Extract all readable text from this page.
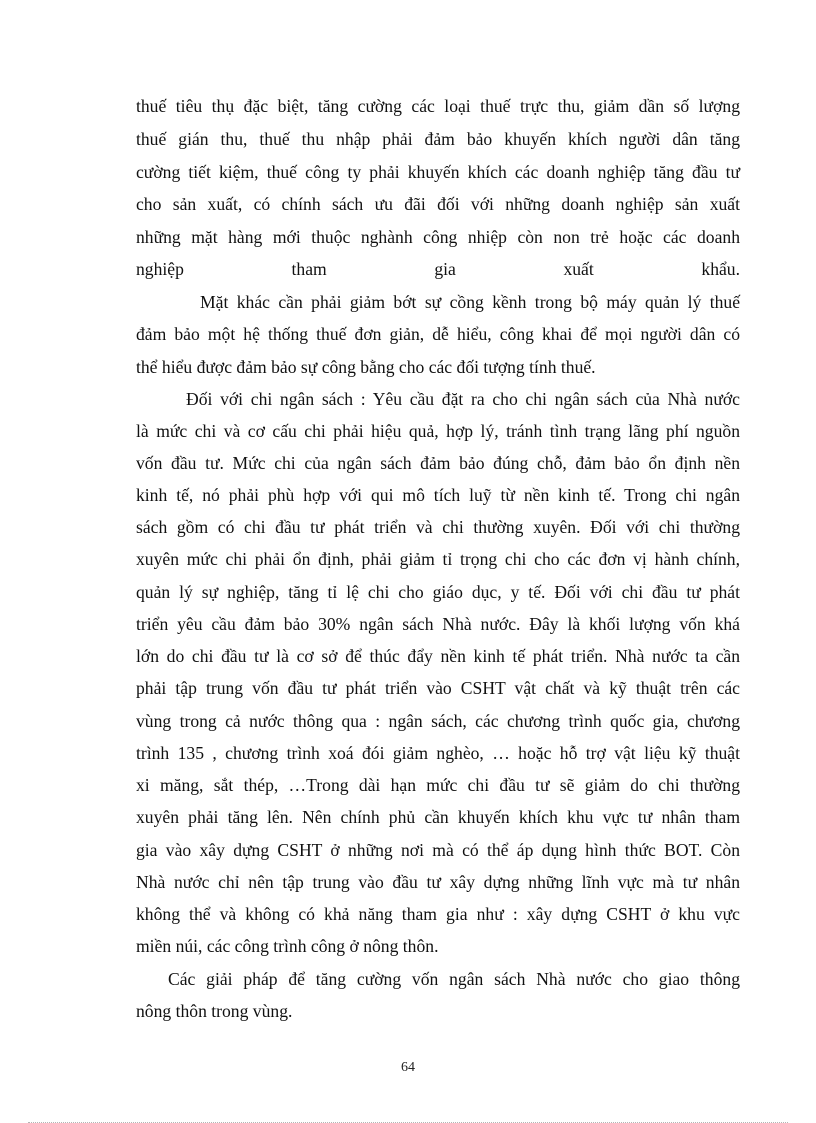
thuế tiêu thụ đặc biệt, tăng cường các loại thuế trực thu, giảm dần số lượng
thuế gián thu, thuế thu nhập phải đảm bảo khuyến khích người dân tăng
cường tiết kiệm, thuế công ty phải khuyến khích các doanh nghiệp tăng đầu tư
cho sản xuất, có chính sách ưu đãi đối với những doanh nghiệp sản xuất
những mặt hàng mới thuộc nghành công nhiệp còn non trẻ hoặc các doanh
nghiệp tham gia xuất khẩu.
Mặt khác cần phải giảm bớt sự cồng kềnh trong bộ máy quản lý thuế
đảm bảo một hệ thống thuế đơn giản, dễ hiểu, công khai để mọi người dân có
thể hiểu được đảm bảo sự công bằng cho các đối tượng tính thuế.
Đối với chi ngân sách : Yêu cầu đặt ra cho chi ngân sách của Nhà nước
là mức chi và cơ cấu chi phải hiệu quả, hợp lý, tránh tình trạng lãng phí nguồn
vốn đầu tư. Mức chi của ngân sách đảm bảo đúng chỗ, đảm bảo ổn định nền
kinh tế, nó phải phù hợp với qui mô tích luỹ từ nền kinh tế. Trong chi ngân
sách gồm có chi đầu tư phát triển và chi thường xuyên. Đối với chi thường
xuyên mức chi phải ổn định, phải giảm tỉ trọng chi cho các đơn vị hành chính,
quản lý sự nghiệp, tăng tỉ lệ chi cho giáo dục, y tế. Đối với chi đầu tư phát
triển yêu cầu đảm bảo 30% ngân sách Nhà nước. Đây là khối lượng vốn khá
lớn do chi đầu tư là cơ sở để thúc đẩy nền kinh tế phát triển. Nhà nước ta cần
phải tập trung vốn đầu tư phát triển vào CSHT vật chất và kỹ thuật trên các
vùng trong cả nước thông qua : ngân sách, các chương trình quốc gia, chương
trình 135 , chương trình xoá đói giảm nghèo, … hoặc hỗ trợ vật liệu kỹ thuật
xi măng, sắt thép, …Trong dài hạn mức chi đầu tư sẽ giảm do chi thường
xuyên phải tăng lên. Nên chính phủ cần khuyến khích khu vực tư nhân tham
gia vào xây dựng CSHT ở những nơi mà có thể áp dụng hình thức BOT. Còn
Nhà nước chỉ nên tập trung vào đầu tư xây dựng những lĩnh vực mà tư nhân
không thể và không có khả năng tham gia như : xây dựng CSHT ở khu vực
miền núi, các công trình công ở nông thôn.
Các giải pháp để tăng cường vốn ngân sách Nhà nước cho giao thông
nông thôn trong vùng.
64
